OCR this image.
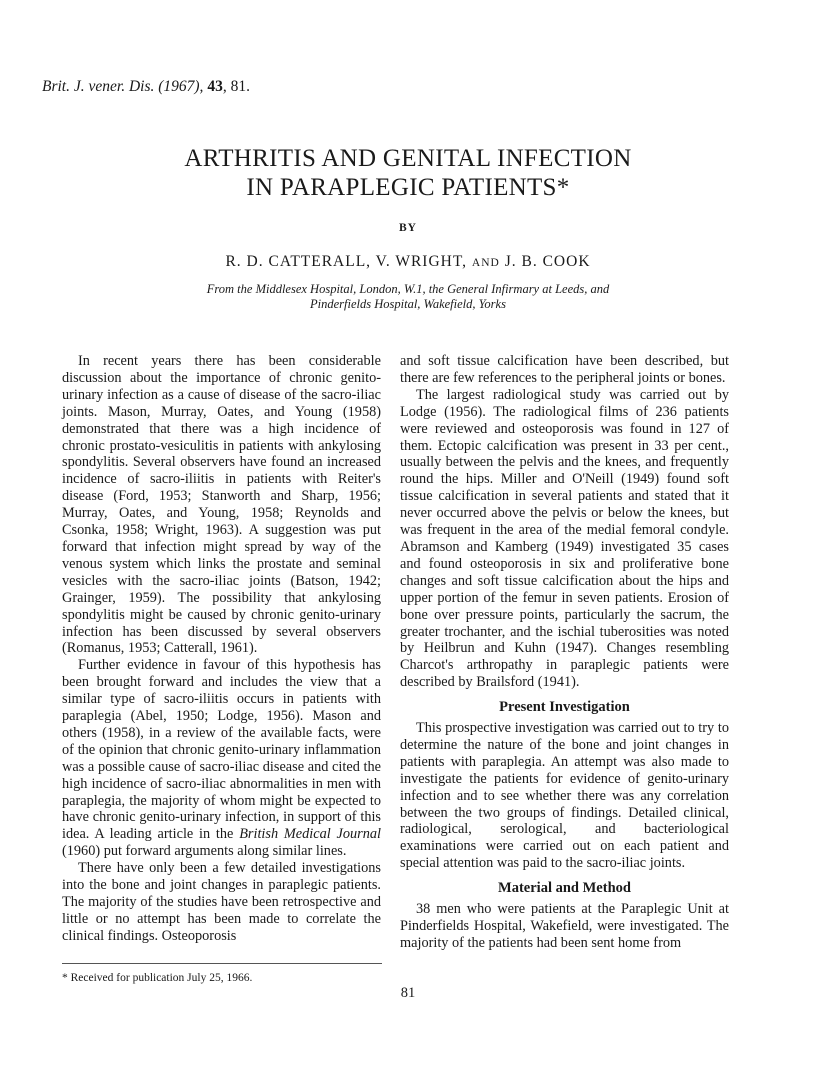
Brit. J. vener. Dis. (1967), 43, 81.
ARTHRITIS AND GENITAL INFECTION
IN PARAPLEGIC PATIENTS*
BY
R. D. CATTERALL, V. WRIGHT, AND J. B. COOK
From the Middlesex Hospital, London, W.1, the General Infirmary at Leeds, and
Pinderfields Hospital, Wakefield, Yorks

In recent years there has been considerable discussion about the importance of chronic genito-urinary infection as a cause of disease of the sacro-iliac joints. Mason, Murray, Oates, and Young (1958) demonstrated that there was a high incidence of chronic prostato-vesiculitis in patients with ankylosing spondylitis. Several observers have found an increased incidence of sacro-iliitis in patients with Reiter's disease (Ford, 1953; Stanworth and Sharp, 1956; Murray, Oates, and Young, 1958; Reynolds and Csonka, 1958; Wright, 1963). A suggestion was put forward that infection might spread by way of the venous system which links the prostate and seminal vesicles with the sacro-iliac joints (Batson, 1942; Grainger, 1959). The possibility that ankylosing spondylitis might be caused by chronic genito-urinary infection has been discussed by several observers (Romanus, 1953; Catterall, 1961).

Further evidence in favour of this hypothesis has been brought forward and includes the view that a similar type of sacro-iliitis occurs in patients with paraplegia (Abel, 1950; Lodge, 1956). Mason and others (1958), in a review of the available facts, were of the opinion that chronic genito-urinary inflammation was a possible cause of sacro-iliac disease and cited the high incidence of sacro-iliac abnormalities in men with paraplegia, the majority of whom might be expected to have chronic genito-urinary infection, in support of this idea. A leading article in the British Medical Journal (1960) put forward arguments along similar lines.

There have only been a few detailed investigations into the bone and joint changes in paraplegic patients. The majority of the studies have been retrospective and little or no attempt has been made to correlate the clinical findings. Osteoporosis

and soft tissue calcification have been described, but there are few references to the peripheral joints or bones.

The largest radiological study was carried out by Lodge (1956). The radiological films of 236 patients were reviewed and osteoporosis was found in 127 of them. Ectopic calcification was present in 33 per cent., usually between the pelvis and the knees, and frequently round the hips. Miller and O'Neill (1949) found soft tissue calcification in several patients and stated that it never occurred above the pelvis or below the knees, but was frequent in the area of the medial femoral condyle. Abramson and Kamberg (1949) investigated 35 cases and found osteoporosis in six and proliferative bone changes and soft tissue calcification about the hips and upper portion of the femur in seven patients. Erosion of bone over pressure points, particularly the sacrum, the greater trochanter, and the ischial tuberosities was noted by Heilbrun and Kuhn (1947). Changes resembling Charcot's arthropathy in paraplegic patients were described by Brailsford (1941).

Present Investigation

This prospective investigation was carried out to try to determine the nature of the bone and joint changes in patients with paraplegia. An attempt was also made to investigate the patients for evidence of genito-urinary infection and to see whether there was any correlation between the two groups of findings. Detailed clinical, radiological, serological, and bacteriological examinations were carried out on each patient and special attention was paid to the sacro-iliac joints.

Material and Method

38 men who were patients at the Paraplegic Unit at Pinderfields Hospital, Wakefield, were investigated. The majority of the patients had been sent home from

* Received for publication July 25, 1966.
81
